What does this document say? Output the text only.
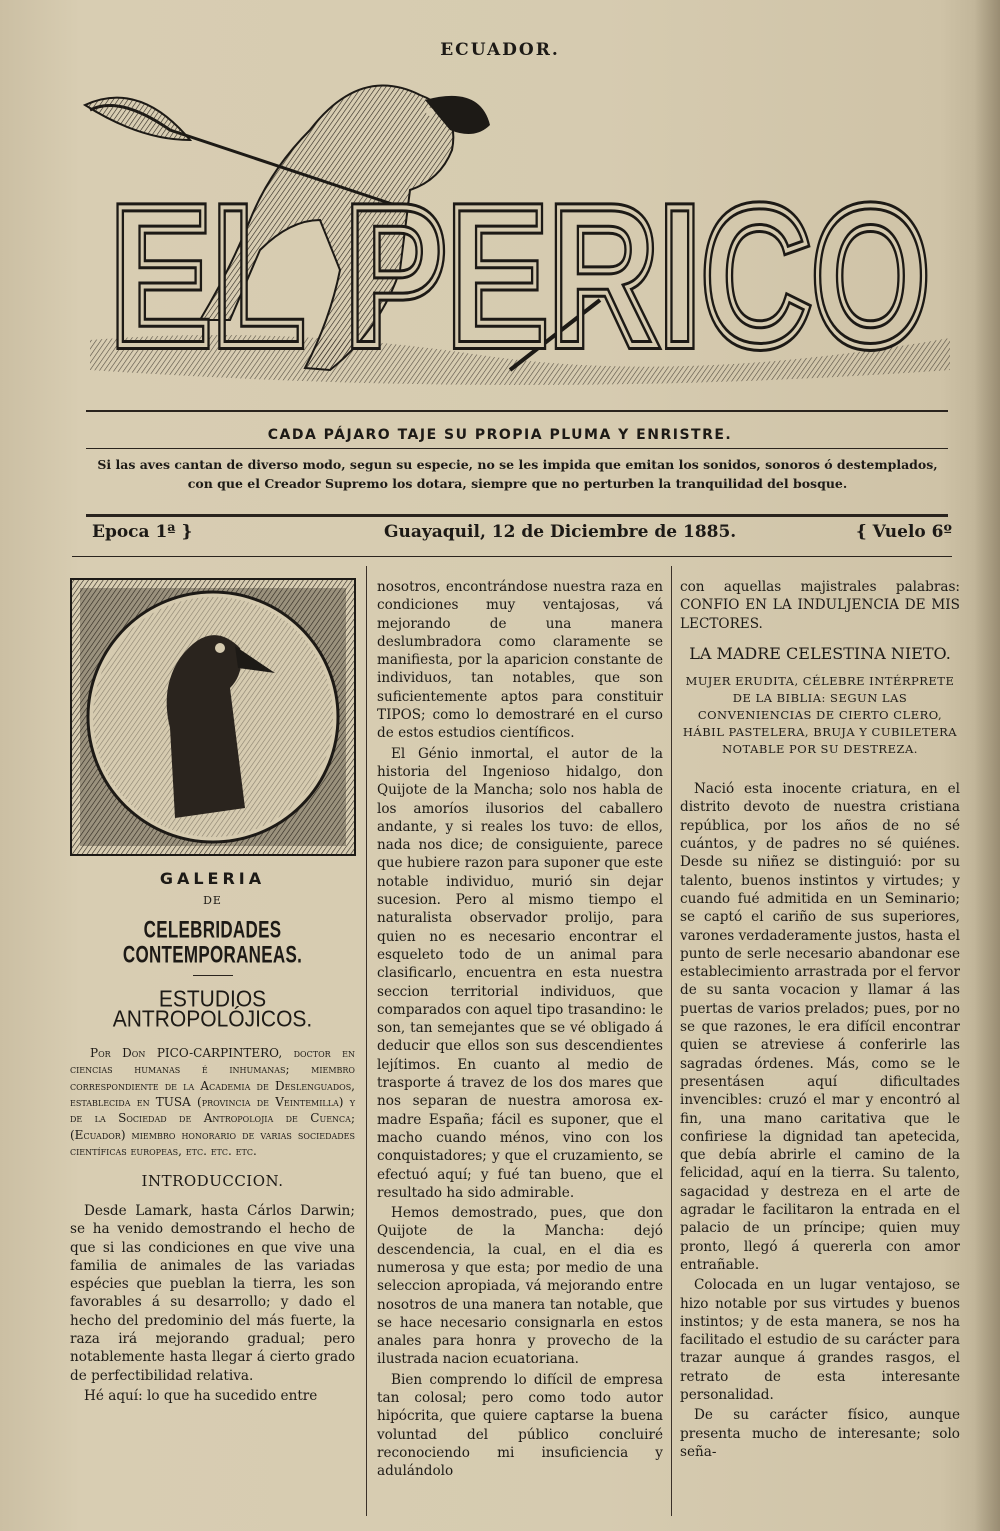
ECUADOR.
EL PERICO
EL PERICO
CADA PÁJARO TAJE SU PROPIA PLUMA Y ENRISTRE.
Si las aves cantan de diverso modo, segun su especie, no se les impida que emitan los sonidos, sonoros ó destemplados, con que el Creador Supremo los dotara, siempre que no perturben la tranquilidad del bosque.
Epoca 1ª }	Guayaquil, 12 de Diciembre de 1885.	{ Vuelo 6º
GALERIA
DE
CELEBRIDADES CONTEMPORANEAS.
ESTUDIOS ANTROPOLÓJICOS.
Por Don PICO-CARPINTERO, doctor en ciencias humanas é inhumanas; miembro correspondiente de la Academia de Deslenguados, establecida en TUSA (provincia de Veintemilla) y de la Sociedad de Antropolojia de Cuenca; (Ecuador) miembro honorario de varias sociedades científicas europeas, etc. etc. etc.
INTRODUCCION.

Desde Lamark, hasta Cárlos Darwin; se ha venido demostrando el hecho de que si las condiciones en que vive una familia de animales de las variadas espécies que pueblan la tierra, les son favorables á su desarrollo; y dado el hecho del predominio del más fuerte, la raza irá mejorando gradual; pero notablemente hasta llegar á cierto grado de perfectibilidad relativa.

Hé aquí: lo que ha sucedido entre

nosotros, encontrándose nuestra raza en condiciones muy ventajosas, vá mejorando de una manera deslumbradora como claramente se manifiesta, por la aparicion constante de individuos, tan notables, que son suficientemente aptos para constituir TIPOS; como lo demostraré en el curso de estos estudios científicos.

El Génio inmortal, el autor de la historia del Ingenioso hidalgo, don Quijote de la Mancha; solo nos habla de los amoríos ilusorios del caballero andante, y si reales los tuvo: de ellos, nada nos dice; de consiguiente, parece que hubiere razon para suponer que este notable individuo, murió sin dejar sucesion. Pero al mismo tiempo el naturalista observador prolijo, para quien no es necesario encontrar el esqueleto todo de un animal para clasificarlo, encuentra en esta nuestra seccion territorial individuos, que comparados con aquel tipo trasandino: le son, tan semejantes que se vé obligado á deducir que ellos son sus descendientes lejítimos. En cuanto al medio de trasporte á travez de los dos mares que nos separan de nuestra amorosa ex-madre España; fácil es suponer, que el macho cuando ménos, vino con los conquistadores; y que el cruzamiento, se efectuó aquí; y fué tan bueno, que el resultado ha sido admirable.

Hemos demostrado, pues, que don Quijote de la Mancha: dejó descendencia, la cual, en el dia es numerosa y que esta; por medio de una seleccion apropiada, vá mejorando entre nosotros de una manera tan notable, que se hace necesario consignarla en estos anales para honra y provecho de la ilustrada nacion ecuatoriana.

Bien comprendo lo difícil de empresa tan colosal; pero como todo autor hipócrita, que quiere captarse la buena voluntad del público concluiré reconociendo mi insuficiencia y adulándolo

con aquellas majistrales palabras: CONFIO EN LA INDULJENCIA DE MIS LECTORES.

LA MADRE CELESTINA NIETO.
MUJER ERUDITA, CÉLEBRE INTÉRPRETE DE LA BIBLIA: SEGUN LAS CONVENIENCIAS DE CIERTO CLERO, HÁBIL PASTELERA, BRUJA Y CUBILETERA NOTABLE POR SU DESTREZA.

Nació esta inocente criatura, en el distrito devoto de nuestra cristiana república, por los años de no sé cuántos, y de padres no sé quiénes. Desde su niñez se distinguió: por su talento, buenos instintos y virtudes; y cuando fué admitida en un Seminario; se captó el cariño de sus superiores, varones verdaderamente justos, hasta el punto de serle necesario abandonar ese establecimiento arrastrada por el fervor de su santa vocacion y llamar á las puertas de varios prelados; pues, por no se que razones, le era difícil encontrar quien se atreviese á conferirle las sagradas órdenes. Más, como se le presentásen aquí dificultades invencibles: cruzó el mar y encontró al fin, una mano caritativa que le confiriese la dignidad tan apetecida, que debía abrirle el camino de la felicidad, aquí en la tierra. Su talento, sagacidad y destreza en el arte de agradar le facilitaron la entrada en el palacio de un príncipe; quien muy pronto, llegó á quererla con amor entrañable.

Colocada en un lugar ventajoso, se hizo notable por sus virtudes y buenos instintos; y de esta manera, se nos ha facilitado el estudio de su carácter para trazar aunque á grandes rasgos, el retrato de esta interesante personalidad.

De su carácter físico, aunque presenta mucho de interesante; solo seña-
